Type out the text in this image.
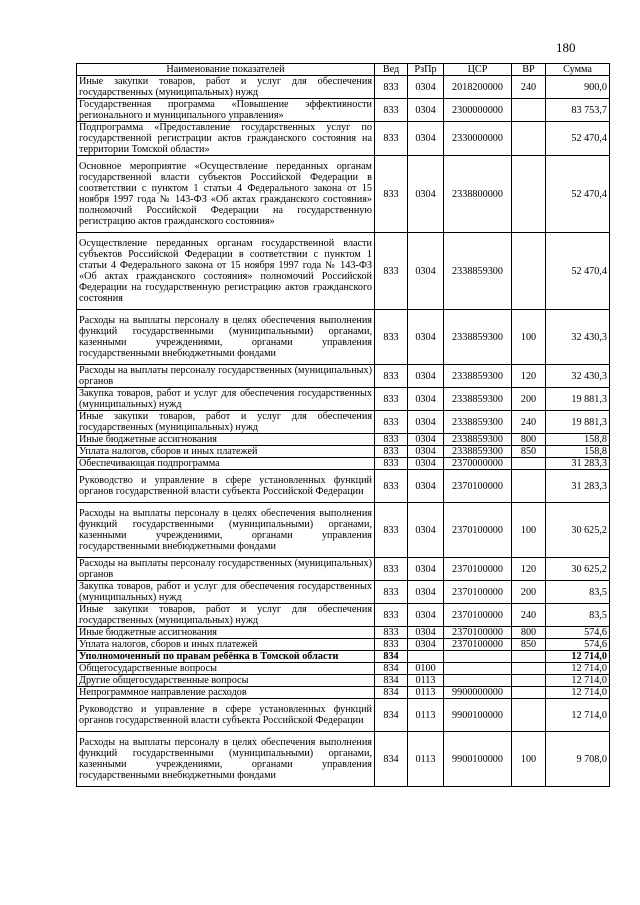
180
Наименование показателей	Вед	РзПр	ЦСР	ВР	Сумма
Иные закупки товаров, работ и услуг для обеспечения государственных (муниципальных) нужд	833	0304	2018200000	240	900,0
Государственная программа «Повышение эффективности регионального и муниципального управления»	833	0304	2300000000		83 753,7
Подпрограмма «Предоставление государственных услуг по государственной регистрации актов гражданского состояния на территории Томской области»	833	0304	2330000000		52 470,4
Основное мероприятие «Осуществление переданных органам государственной власти субъектов Российской Федерации в соответствии с пунктом 1 статьи 4 Федерального закона от 15 ноября 1997 года № 143-ФЗ «Об актах гражданского состояния» полномочий Российской Федерации на государственную регистрацию актов гражданского состояния»	833	0304	2338800000		52 470,4
Осуществление переданных органам государственной власти субъектов Российской Федерации в соответствии с пунктом 1 статьи 4 Федерального закона от 15 ноября 1997 года № 143-ФЗ «Об актах гражданского состояния» полномочий Российской Федерации на государственную регистрацию актов гражданского состояния	833	0304	2338859300		52 470,4
Расходы на выплаты персоналу в целях обеспечения выполнения функций государственными (муниципальными) органами, казенными учреждениями, органами управления государственными внебюджетными фондами	833	0304	2338859300	100	32 430,3
Расходы на выплаты персоналу государственных (муниципальных) органов	833	0304	2338859300	120	32 430,3
Закупка товаров, работ и услуг для обеспечения государственных (муниципальных) нужд	833	0304	2338859300	200	19 881,3
Иные закупки товаров, работ и услуг для обеспечения государственных (муниципальных) нужд	833	0304	2338859300	240	19 881,3
Иные бюджетные ассигнования	833	0304	2338859300	800	158,8
Уплата налогов, сборов и иных платежей	833	0304	2338859300	850	158,8
Обеспечивающая подпрограмма	833	0304	2370000000		31 283,3
Руководство и управление в сфере установленных функций органов государственной власти субъекта Российской Федерации	833	0304	2370100000		31 283,3
Расходы на выплаты персоналу в целях обеспечения выполнения функций государственными (муниципальными) органами, казенными учреждениями, органами управления государственными внебюджетными фондами	833	0304	2370100000	100	30 625,2
Расходы на выплаты персоналу государственных (муниципальных) органов	833	0304	2370100000	120	30 625,2
Закупка товаров, работ и услуг для обеспечения государственных (муниципальных) нужд	833	0304	2370100000	200	83,5
Иные закупки товаров, работ и услуг для обеспечения государственных (муниципальных) нужд	833	0304	2370100000	240	83,5
Иные бюджетные ассигнования	833	0304	2370100000	800	574,6
Уплата налогов, сборов и иных платежей	833	0304	2370100000	850	574,6
Уполномоченный по правам ребёнка в Томской области	834				12 714,0
Общегосударственные вопросы	834	0100			12 714,0
Другие общегосударственные вопросы	834	0113			12 714,0
Непрограммное направление расходов	834	0113	9900000000		12 714,0
Руководство и управление в сфере установленных функций органов государственной власти субъекта Российской Федерации	834	0113	9900100000		12 714,0
Расходы на выплаты персоналу в целях обеспечения выполнения функций государственными (муниципальными) органами, казенными учреждениями, органами управления государственными внебюджетными фондами	834	0113	9900100000	100	9 708,0
